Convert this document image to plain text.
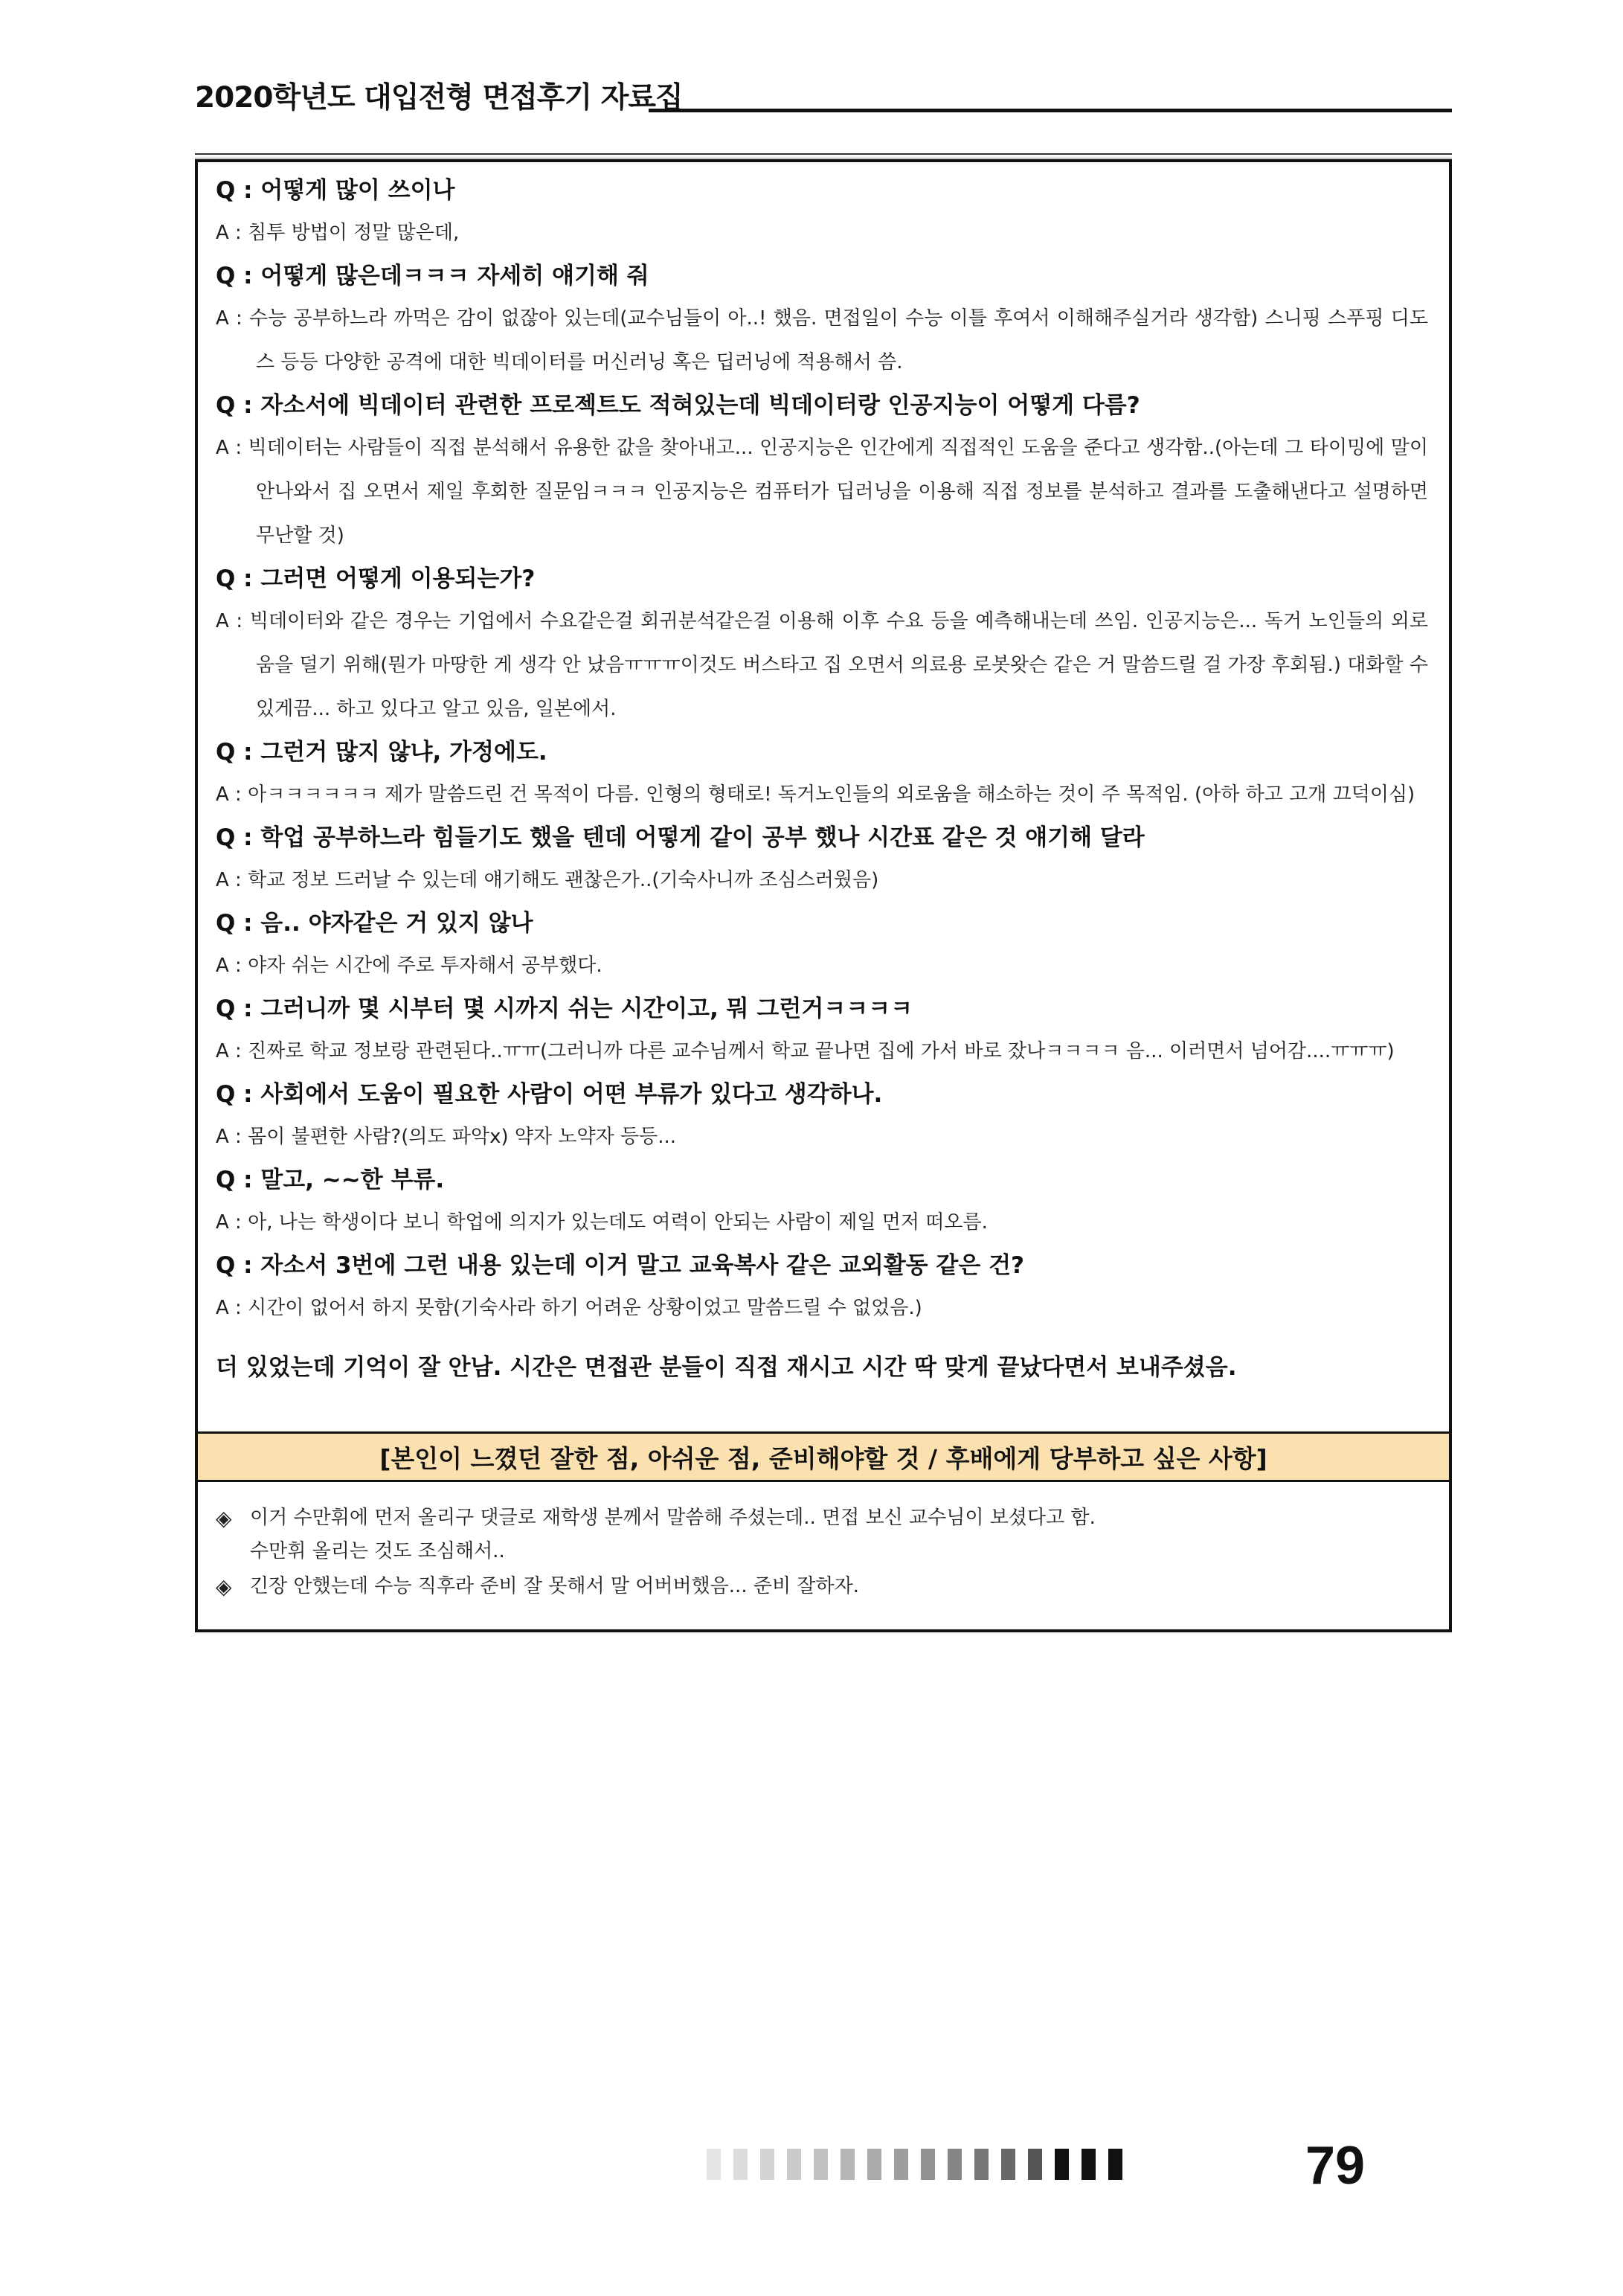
2020학년도 대입전형 면접후기 자료집

Q : 어떻게 많이 쓰이나

A : 침투 방법이 정말 많은데,

Q : 어떻게 많은데ㅋㅋㅋ 자세히 얘기해 줘

A : 수능 공부하느라 까먹은 감이 없잖아 있는데(교수님들이 아..! 했음. 면접일이 수능 이틀 후여서 이해해주실거라 생각함) 스니핑 스푸핑 디도스 등등 다양한 공격에 대한 빅데이터를 머신러닝 혹은 딥러닝에 적용해서 씀.

Q : 자소서에 빅데이터 관련한 프로젝트도 적혀있는데 빅데이터랑 인공지능이 어떻게 다름?

A : 빅데이터는 사람들이 직접 분석해서 유용한 값을 찾아내고... 인공지능은 인간에게 직접적인 도움을 준다고 생각함..(아는데 그 타이밍에 말이 안나와서 집 오면서 제일 후회한 질문임ㅋㅋㅋ 인공지능은 컴퓨터가 딥러닝을 이용해 직접 정보를 분석하고 결과를 도출해낸다고 설명하면 무난할 것)

Q : 그러면 어떻게 이용되는가?

A : 빅데이터와 같은 경우는 기업에서 수요같은걸 회귀분석같은걸 이용해 이후 수요 등을 예측해내는데 쓰임. 인공지능은... 독거 노인들의 외로움을 덜기 위해(뭔가 마땅한 게 생각 안 났음ㅠㅠㅠ이것도 버스타고 집 오면서 의료용 로봇왓슨 같은 거 말씀드릴 걸 가장 후회됨.) 대화할 수 있게끔... 하고 있다고 알고 있음, 일본에서.

Q : 그런거 많지 않냐, 가정에도.

A : 아ㅋㅋㅋㅋㅋㅋ 제가 말씀드린 건 목적이 다름. 인형의 형태로! 독거노인들의 외로움을 해소하는 것이 주 목적임. (아하 하고 고개 끄덕이심)

Q : 학업 공부하느라 힘들기도 했을 텐데 어떻게 같이 공부 했나 시간표 같은 것 얘기해 달라

A : 학교 정보 드러날 수 있는데 얘기해도 괜찮은가..(기숙사니까 조심스러웠음)

Q : 음.. 야자같은 거 있지 않나

A : 야자 쉬는 시간에 주로 투자해서 공부했다.

Q : 그러니까 몇 시부터 몇 시까지 쉬는 시간이고, 뭐 그런거ㅋㅋㅋㅋ

A : 진짜로 학교 정보랑 관련된다..ㅠㅠ(그러니까 다른 교수님께서 학교 끝나면 집에 가서 바로 잤나ㅋㅋㅋㅋ 음... 이러면서 넘어감....ㅠㅠㅠ)

Q : 사회에서 도움이 필요한 사람이 어떤 부류가 있다고 생각하나.

A : 몸이 불편한 사람?(의도 파악x) 약자 노약자 등등...

Q : 말고, ~~한 부류.

A : 아, 나는 학생이다 보니 학업에 의지가 있는데도 여력이 안되는 사람이 제일 먼저 떠오름.

Q : 자소서 3번에 그런 내용 있는데 이거 말고 교육복사 같은 교외활동 같은 건?

A : 시간이 없어서 하지 못함(기숙사라 하기 어려운 상황이었고 말씀드릴 수 없었음.)

더 있었는데 기억이 잘 안남. 시간은 면접관 분들이 직접 재시고 시간 딱 맞게 끝났다면서 보내주셨음.

[본인이 느꼈던 잘한 점, 아쉬운 점, 준비해야할 것 / 후배에게 당부하고 싶은 사항]

◈ 이거 수만휘에 먼저 올리구 댓글로 재학생 분께서 말씀해 주셨는데.. 면접 보신 교수님이 보셨다고 함.
수만휘 올리는 것도 조심해서..

◈ 긴장 안했는데 수능 직후라 준비 잘 못해서 말 어버버했음... 준비 잘하자.

79
